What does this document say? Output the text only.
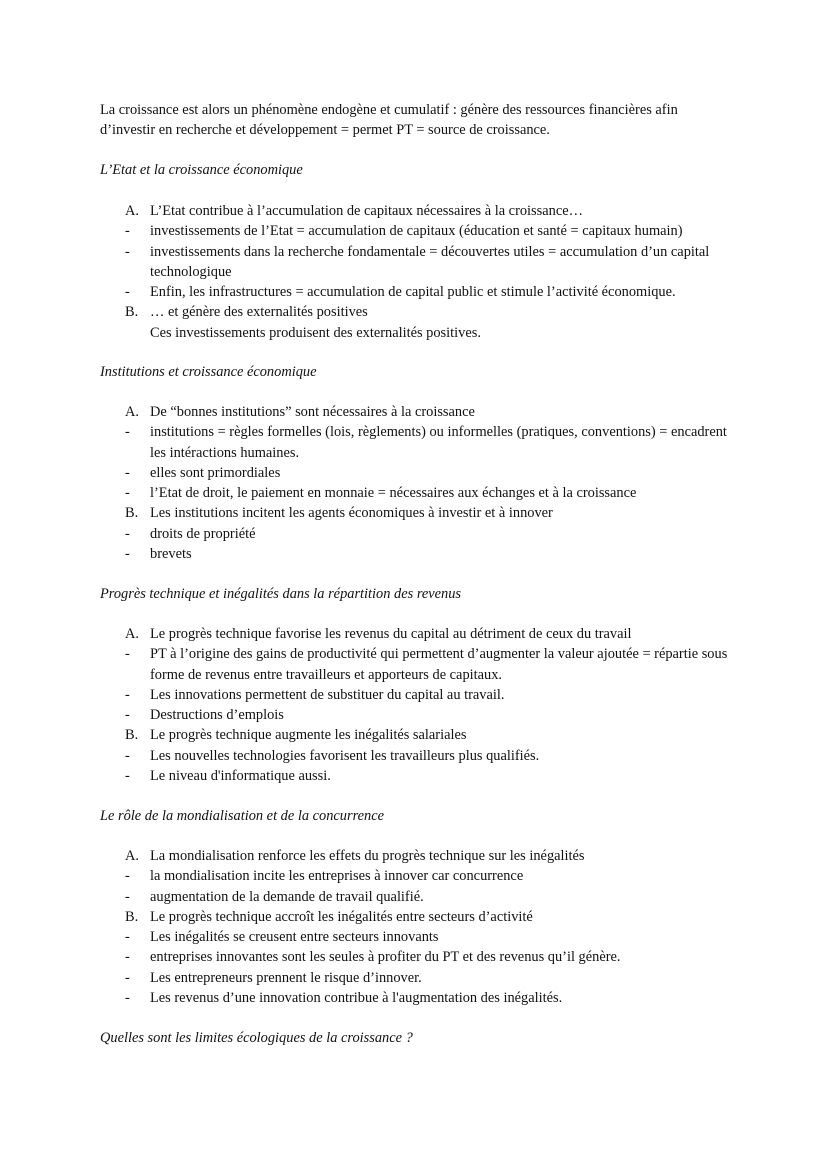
La croissance est alors un phénomène endogène et cumulatif : génère des ressources financières afin d’investir en recherche et développement = permet PT = source de croissance.

L’Etat et la croissance économique

A. L’Etat contribue à l’accumulation de capitaux nécessaires à la croissance…
- investissements de l’Etat = accumulation de capitaux (éducation et santé = capitaux humain)
- investissements dans la recherche fondamentale = découvertes utiles = accumulation d’un capital technologique
- Enfin, les infrastructures = accumulation de capital public et stimule l’activité économique.
B. … et génère des externalités positives
Ces investissements produisent des externalités positives.

Institutions et croissance économique

A. De “bonnes institutions” sont nécessaires à la croissance
- institutions = règles formelles (lois, règlements) ou informelles (pratiques, conventions) = encadrent les intéractions humaines.
- elles sont primordiales
- l’Etat de droit, le paiement en monnaie = nécessaires aux échanges et à la croissance
B. Les institutions incitent les agents économiques à investir et à innover
- droits de propriété
- brevets

Progrès technique et inégalités dans la répartition des revenus

A. Le progrès technique favorise les revenus du capital au détriment de ceux du travail
- PT à l’origine des gains de productivité qui permettent d’augmenter la valeur ajoutée = répartie sous forme de revenus entre travailleurs et apporteurs de capitaux.
- Les innovations permettent de substituer du capital au travail.
- Destructions d’emplois
B. Le progrès technique augmente les inégalités salariales
- Les nouvelles technologies favorisent les travailleurs plus qualifiés.
- Le niveau d'informatique aussi.

Le rôle de la mondialisation et de la concurrence

A. La mondialisation renforce les effets du progrès technique sur les inégalités
- la mondialisation incite les entreprises à innover car concurrence
- augmentation de la demande de travail qualifié.
B. Le progrès technique accroît les inégalités entre secteurs d’activité
- Les inégalités se creusent entre secteurs innovants
- entreprises innovantes sont les seules à profiter du PT et des revenus qu’il génère.
- Les entrepreneurs prennent le risque d’innover.
- Les revenus d’une innovation contribue à l'augmentation des inégalités.

Quelles sont les limites écologiques de la croissance ?
